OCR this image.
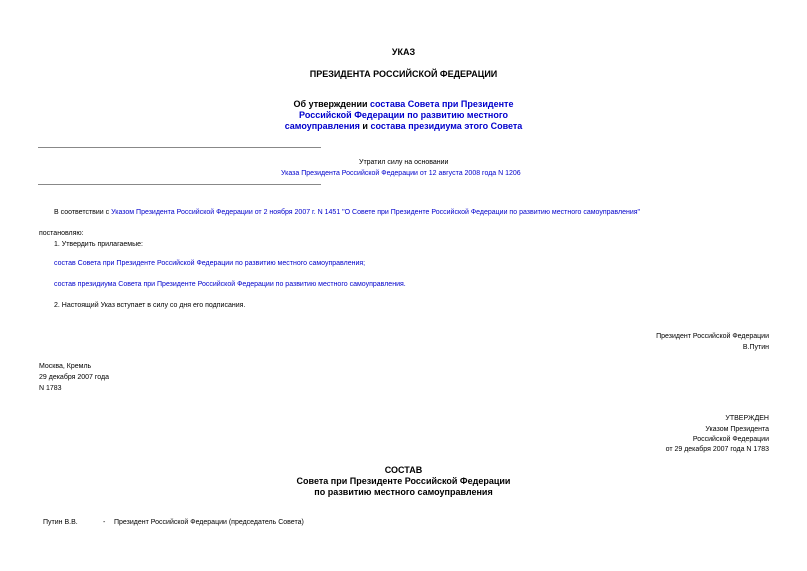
УКАЗ
ПРЕЗИДЕНТА РОССИЙСКОЙ ФЕДЕРАЦИИ
Об утверждении состава Совета при Президенте
Российской Федерации по развитию местного
самоуправления и состава президиума этого Совета
Утратил силу на основании
Указа Президента Российской Федерации от 12 августа 2008 года N 1206
В соответствии с Указом Президента Российской Федерации от 2 ноября 2007 г. N 1451 "О Совете при Президенте Российской Федерации по развитию местного самоуправления"
постановляю:
1. Утвердить прилагаемые:
состав Совета при Президенте Российской Федерации по развитию местного самоуправления;
состав президиума Совета при Президенте Российской Федерации по развитию местного самоуправления.
2. Настоящий Указ вступает в силу со дня его подписания.
Президент Российской Федерации
В.Путин
Москва, Кремль
29 декабря 2007 года
N 1783
УТВЕРЖДЕН
Указом Президента
Российской Федерации
от 29 декабря 2007 года N 1783
СОСТАВ
Совета при Президенте Российской Федерации
по развитию местного самоуправления
Путин В.В.	- Президент Российской Федерации (председатель Совета)
